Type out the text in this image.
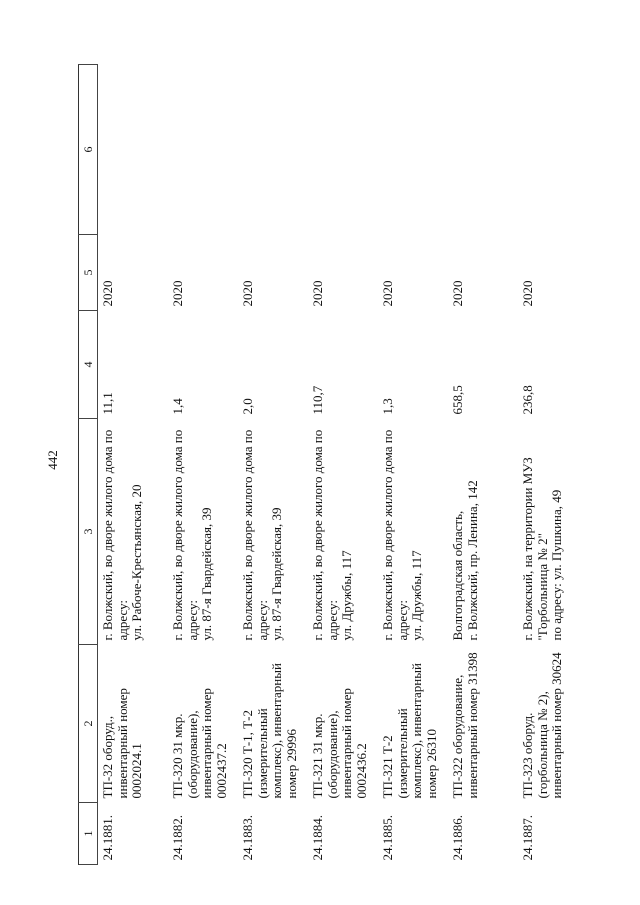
442
1	2	3	4	5	6
24.1881.	ТП-32 оборуд., инвентарный номер 0002024.1	г. Волжский, во дворе жилого дома по адресу:
ул. Рабоче-Крестьянская, 20	11,1	2020	
24.1882.	ТП-320 31 мкр. (оборудование), инвентарный номер 0002437.2	г. Волжский, во дворе жилого дома по адресу:
ул. 87-я Гвардейская, 39	1,4	2020	
24.1883.	ТП-320 Т-1, Т-2 (измерительный комплекс), инвентарный номер 29996	г. Волжский, во дворе жилого дома по адресу:
ул. 87-я Гвардейская, 39	2,0	2020	
24.1884.	ТП-321 31 мкр. (оборудование), инвентарный номер 0002436.2	г. Волжский, во дворе жилого дома по адресу:
ул. Дружбы, 117	110,7	2020	
24.1885.	ТП-321 Т-2 (измерительный комплекс), инвентарный номер 26310	г. Волжский, во дворе жилого дома по адресу:
ул. Дружбы, 117	1,3	2020	
24.1886.	ТП-322 оборудование, инвентарный номер 31398	Волгоградская область,
г. Волжский, пр. Ленина, 142	658,5	2020	
24.1887.	ТП-323 оборуд. (горбольница № 2), инвентарный номер 30624	г. Волжский, на территории МУЗ "Горбольница № 2"
по адресу: ул. Пушкина, 49	236,8	2020	
